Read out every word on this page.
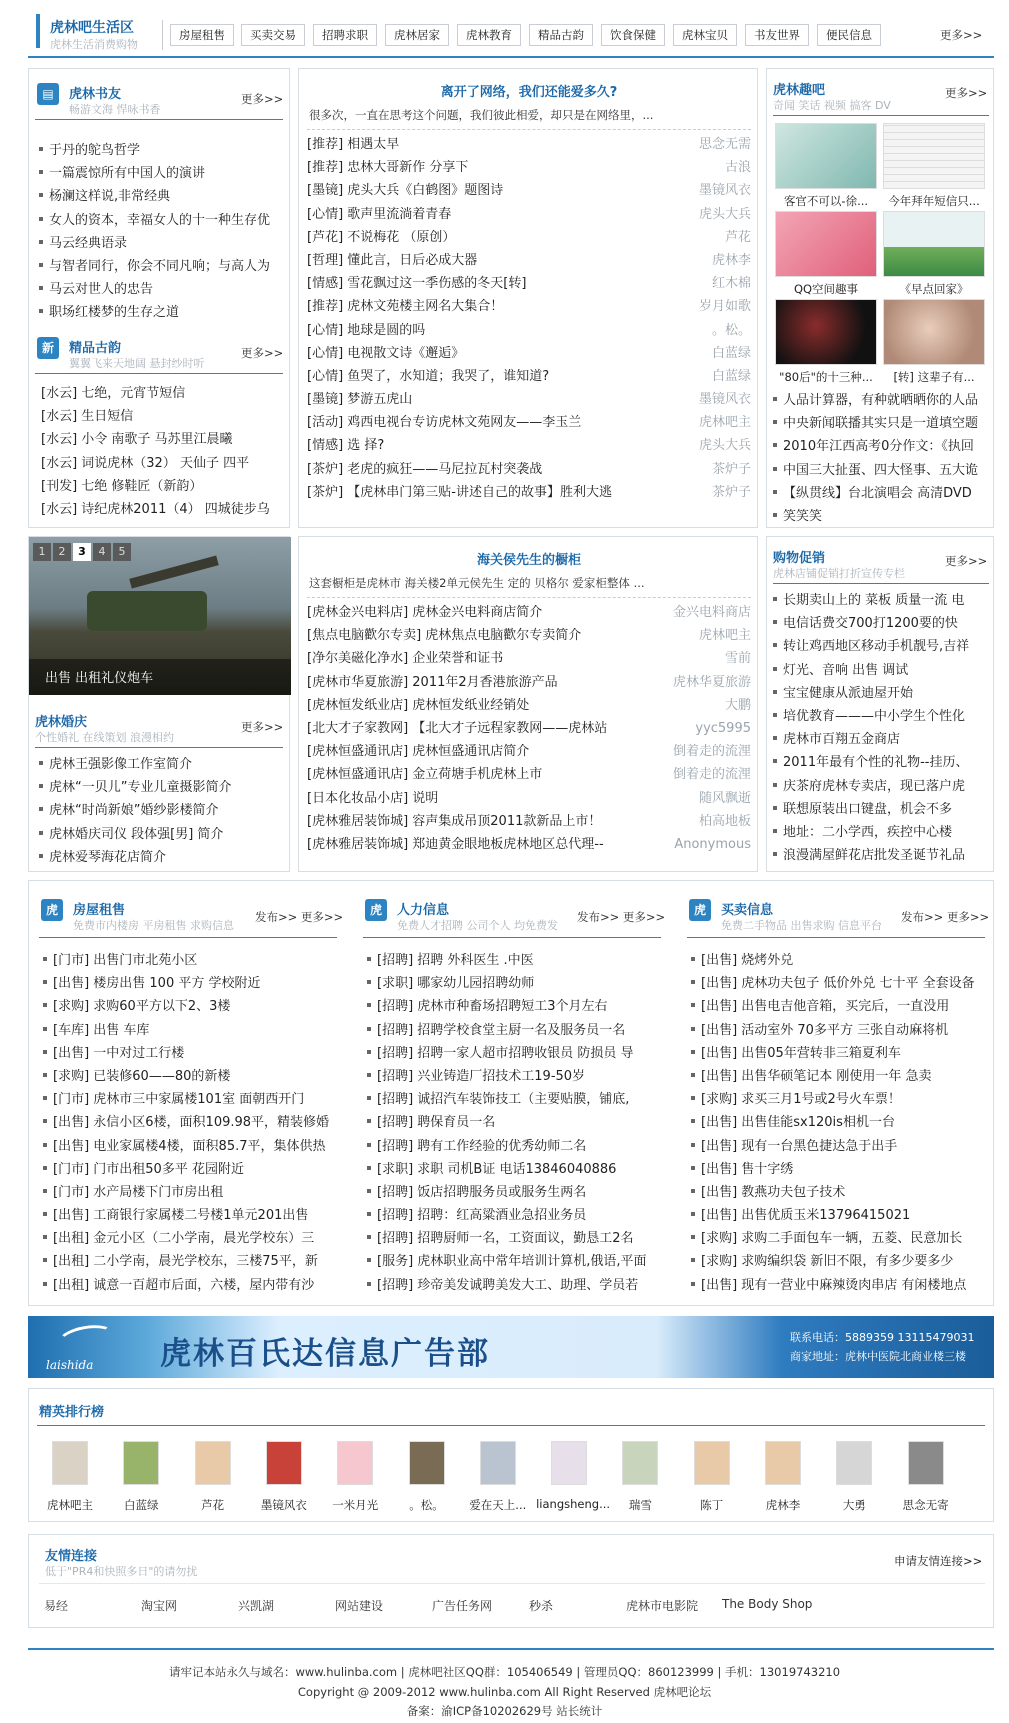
虎林吧生活区
虎林生活消费购物
房屋租售	买卖交易	招聘求职	虎林居家	虎林教育	精品古韵	饮食保健	虎林宝贝	书友世界	便民信息	更多>>
▤	虎林书友
畅游文海 悍咏书香
更多>>
于丹的鸵鸟哲学
一篇震惊所有中国人的演讲
杨澜这样说,非常经典
女人的资本，幸福女人的十一种生存优
马云经典语录
与智者同行，你会不同凡响；与高人为
马云对世人的忠告
职场红楼梦的生存之道
新	精品古韵
翼翼飞来天地阔 悬封纱时听
更多>>
[水云] 七绝，元宵节短信
[水云] 生日短信
[水云] 小令 南歌子 马苏里江晨曦
[水云] 词说虎林（32） 天仙子 四平
[刊发] 七绝 修鞋匠（新韵）
[水云] 诗纪虎林2011（4） 四城徒步乌
离开了网络，我们还能爱多久?
很多次，一直在思考这个问题，我们彼此相爱，却只是在网络里，...
[推荐] 相遇太早	思念无需
[推荐] 忠林大哥新作 分享下	古浪
[墨镜] 虎头大兵《白鹤图》题图诗	墨镜风衣
[心情] 歌声里流淌着青春	虎头大兵
[芦花] 不说梅花 （原创）	芦花
[哲理] 懂此言，日后必成大器	虎林李
[情感] 雪花飘过这一季伤感的冬天[转]	红木棉
[推荐] 虎林文苑楼主网名大集合！	岁月如歌
[心情] 地球是圆的吗	。松。
[心情] 电视散文诗《邂逅》	白蓝绿
[心情] 鱼哭了，水知道；我哭了，谁知道?	白蓝绿
[墨镜] 梦游五虎山	墨镜风衣
[活动] 鸡西电视台专访虎林文苑网友——李玉兰	虎林吧主
[情感] 选 择?	虎头大兵
[茶炉] 老虎的疯狂——马尼拉瓦村突袭战	茶炉子
[茶炉] 【虎林串门第三贴-讲述自己的故事】胜利大逃	茶炉子
虎林趣吧
奇闻 笑话 视频 搞客 DV
更多>>
客官不可以-徐...	今年拜年短信只...
QQ空间趣事	《早点回家》
"80后"的十三种...	[转] 这辈子有...
人品计算器，有种就晒晒你的人品
中央新闻联播其实只是一道填空题
2010年江西高考0分作文：《执回
中国三大扯蛋、四大怪事、五大诡
【纵贯线】台北演唱会 高清DVD
笑笑笑
1 2 3 4 5
出售 出租礼仪炮车
虎林婚庆
个性婚礼 在线策划 浪漫相约
更多>>
虎林王强影像工作室简介
虎林“一贝儿”专业儿童摄影简介
虎林“时尚新娘”婚纱影楼简介
虎林婚庆司仪 段体强[男] 简介
虎林爱琴海花店简介
海关侯先生的橱柜
这套橱柜是虎林市 海关楼2单元侯先生 定的 贝格尔 爱家柜整体 ...
[虎林金兴电料店] 虎林金兴电料商店简介	金兴电料商店
[焦点电脑歡尔专卖] 虎林焦点电脑歡尔专卖简介	虎林吧主
[净尔美磁化净水] 企业荣誉和证书	雪前
[虎林市华夏旅游] 2011年2月香港旅游产品	虎林华夏旅游
[虎林恒发纸业店] 虎林恒发纸业经销处	大鹏
[北大才子家教网] 【北大才子远程家教网——虎林站	yyc5995
[虎林恒盛通讯店] 虎林恒盛通讯店简介	倒着走的流浬
[虎林恒盛通讯店] 金立荷塘手机虎林上市	倒着走的流浬
[日本化妆品小店] 说明	随风飘逝
[虎林雅居装饰城] 容声集成吊顶2011款新品上市！	柏高地板
[虎林雅居装饰城] 郑迪黄金眼地板虎林地区总代理--	Anonymous
购物促销
虎林店铺促销打折宣传专栏
更多>>
长期卖山上的 菜板 质量一流 电
电信话费交700打1200要的快
转让鸡西地区移动手机靓号,吉祥
灯光、音响 出售 调试
宝宝健康从派迪屋开始
培优教育———中小学生个性化
虎林市百翔五金商店
2011年最有个性的礼物--挂历、
庆茶府虎林专卖店，现已落户虎
联想原装出口键盘，机会不多
地址：二小学西，疾控中心楼
浪漫满屋鲜花店批发圣诞节礼品
虎	房屋租售
免费市内楼房 平房租售 求购信息
发布>> 更多>>
[门市] 出售门市北苑小区
[出售] 楼房出售 100 平方 学校附近
[求购] 求购60平方以下2、3楼
[车库] 出售 车库
[出售] 一中对过工行楼
[求购] 已装修60——80的新楼
[门市] 虎林市三中家属楼101室 面朝西开门
[出售] 永信小区6楼，面积109.98平，精装修婚
[出售] 电业家属楼4楼，面积85.7平，集体供热
[门市] 门市出租50多平 花园附近
[门市] 水产局楼下门市房出租
[出售] 工商银行家属楼二号楼1单元201出售
[出租] 金元小区（二小学南，晨光学校东）三
[出租] 二小学南，晨光学校东，三楼75平，新
[出租] 诚意一百超市后面，六楼，屋内带有沙
虎	人力信息
免费人才招聘 公司个人 均免费发
发布>> 更多>>
[招聘] 招聘 外科医生 .中医
[求职] 哪家幼儿园招聘幼师
[招聘] 虎林市种畜场招聘短工3个月左右
[招聘] 招聘学校食堂主厨一名及服务员一名
[招聘] 招聘一家人超市招聘收银员 防损员 导
[招聘] 兴业铸造厂招技术工19-50岁
[招聘] 诚招汽车装饰技工（主要贴膜，铺底,
[招聘] 聘保育员一名
[招聘] 聘有工作经验的优秀幼师二名
[求职] 求职 司机B证 电话13846040886
[招聘] 饭店招聘服务员或服务生两名
[招聘] 招聘：红高粱酒业急招业务员
[招聘] 招聘厨师一名，工资面议，勤恳工2名
[服务] 虎林职业高中常年培训计算机,俄语,平面
[招聘] 珍帝美发诚聘美发大工、助理、学员若
虎	买卖信息
免费二手物品 出售求购 信息平台
发布>> 更多>>
[出售] 烧烤外兑
[出售] 虎林功夫包子 低价外兑 七十平 全套设备
[出售] 出售电吉他音箱，买完后，一直没用
[出售] 活动室外 70多平方 三张自动麻将机
[出售] 出售05年营转非三箱夏利车
[出售] 出售华硕笔记本 刚使用一年 急卖
[求购] 求买三月1号或2号火车票！
[出售] 出售佳能sx120is相机一台
[出售] 现有一台黑色捷达急于出手
[出售] 售十字绣
[出售] 教燕功夫包子技术
[出售] 出售优质玉米13796415021
[求购] 求购二手面包车一辆，五菱、民意加长
[求购] 求购编织袋 新旧不限，有多少要多少
[出售] 现有一营业中麻辣烫肉串店 有闲楼地点
laishida 虎林百氏达信息广告部	联系电话：5889359 13115479031
商家地址：虎林中医院北商业楼三楼
精英排行榜
虎林吧主	白蓝绿	芦花	墨镜风衣	一米月光	。松。	爱在天上... liangsheng...	瑞雪	陈丁	虎林李	大勇	思念无寄
友情连接
低于"PR4和快照多日"的请勿扰
申请友情连接>>
易经	淘宝网	兴凯湖	网站建设	广告任务网	秒杀	虎林市电影院 The Body Shop
请牢记本站永久与域名：www.hulinba.com | 虎林吧社区QQ群：105406549 | 管理员QQ：860123999 | 手机：13019743210
Copyright @ 2009-2012 www.hulinba.com All Right Reserved 虎林吧论坛
备案：渝ICP备10202629号 站长统计
